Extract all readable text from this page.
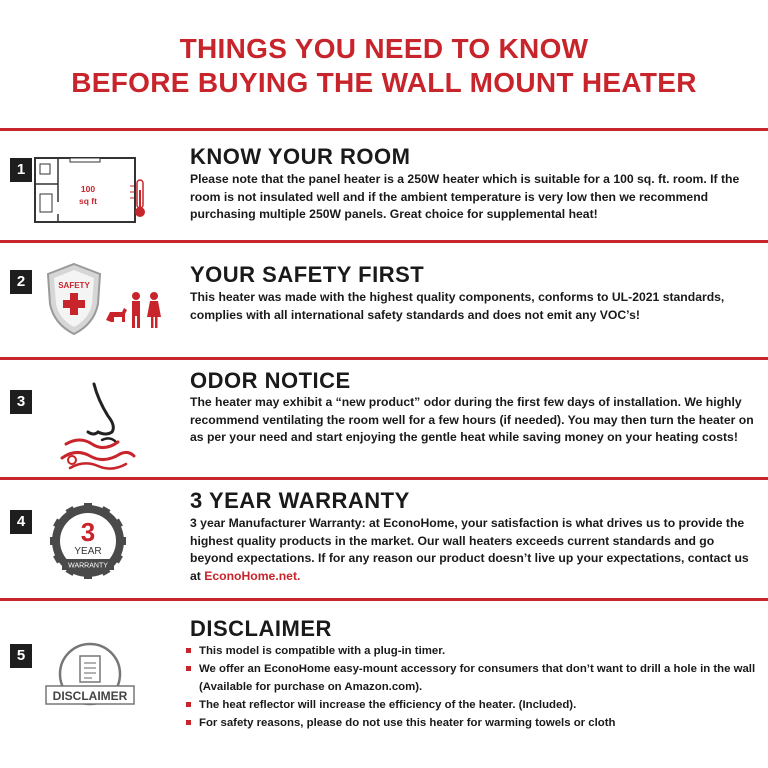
THINGS YOU NEED TO KNOW
BEFORE BUYING THE WALL MOUNT HEATER
1
100
sq ft
KNOW YOUR ROOM
Please note that the panel heater is a 250W heater which is suitable for a 100 sq. ft. room. If the room is not insulated well and if the ambient temperature is very low then we recommend purchasing multiple 250W panels. Great choice for supplemental heat!
2	SAFETY	YOUR SAFETY FIRST
This heater was made with the highest quality components, conforms to UL-2021 standards, complies with all international safety standards and does not emit any VOC’s!
3
ODOR NOTICE
The heater may exhibit a “new product” odor during the first few days of installation. We highly recommend ventilating the room well for a few hours (if needed). You may then turn the heater on as per your need and start enjoying the gentle heat while saving money on your heating costs!
4 3
YEAR
WARRANTY
3 YEAR WARRANTY
3 year Manufacturer Warranty: at EconoHome, your satisfaction is what drives us to provide the highest quality products in the market. Our wall heaters exceeds current standards and go beyond expectations. If for any reason our product doesn’t live up your expectations, contact us at EconoHome.net.
5
DISCLAIMER
DISCLAIMER
This model is compatible with a plug-in timer.
We offer an EconoHome easy-mount accessory for consumers that don’t want to drill a hole in the wall (Available for purchase on Amazon.com).
The heat reflector will increase the efficiency of the heater. (Included).
For safety reasons, please do not use this heater for warming towels or cloth
